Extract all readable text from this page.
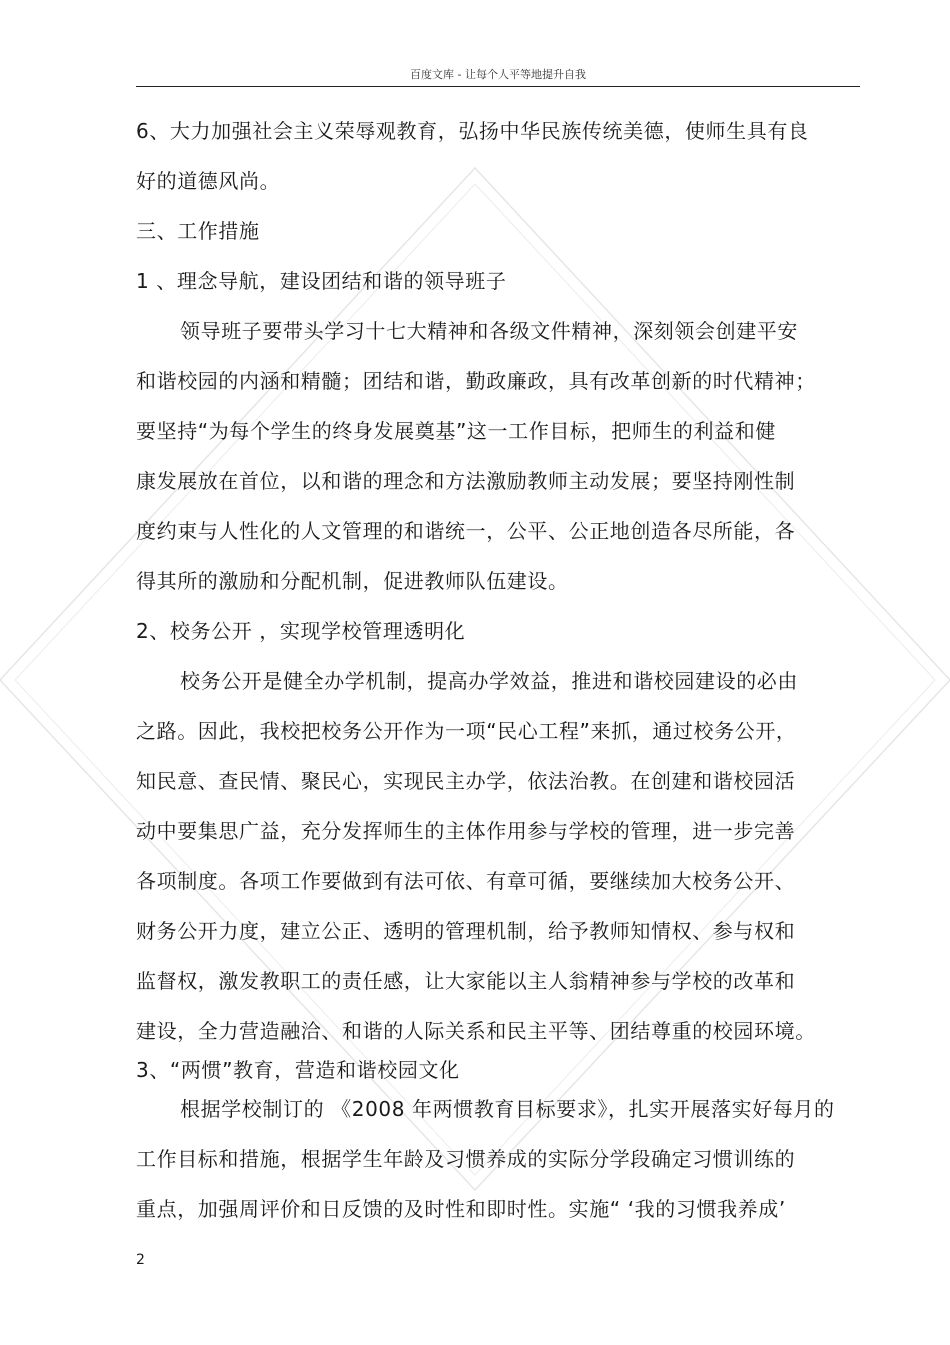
百度文库 - 让每个人平等地提升自我
6、大力加强社会主义荣辱观教育，弘扬中华民族传统美德，使师生具有良
好的道德风尚。
三、工作措施
1 、理念导航，建设团结和谐的领导班子
领导班子要带头学习十七大精神和各级文件精神，深刻领会创建平安
和谐校园的内涵和精髓；团结和谐，勤政廉政，具有改革创新的时代精神；
要坚持“为每个学生的终身发展奠基”这一工作目标，把师生的利益和健
康发展放在首位，以和谐的理念和方法激励教师主动发展；要坚持刚性制
度约束与人性化的人文管理的和谐统一，公平、公正地创造各尽所能，各
得其所的激励和分配机制，促进教师队伍建设。
2、校务公开 ，实现学校管理透明化
校务公开是健全办学机制，提高办学效益，推进和谐校园建设的必由
之路。因此，我校把校务公开作为一项“民心工程”来抓，通过校务公开，
知民意、查民情、聚民心，实现民主办学，依法治教。在创建和谐校园活
动中要集思广益，充分发挥师生的主体作用参与学校的管理，进一步完善
各项制度。各项工作要做到有法可依、有章可循，要继续加大校务公开、
财务公开力度，建立公正、透明的管理机制，给予教师知情权、参与权和
监督权，激发教职工的责任感，让大家能以主人翁精神参与学校的改革和
建设，全力营造融洽、和谐的人际关系和民主平等、团结尊重的校园环境。
3、“两惯”教育，营造和谐校园文化
根据学校制订的 《2008 年两惯教育目标要求》，扎实开展落实好每月的
工作目标和措施，根据学生年龄及习惯养成的实际分学段确定习惯训练的
重点，加强周评价和日反馈的及时性和即时性。实施“ ‘我的习惯我养成’
2
